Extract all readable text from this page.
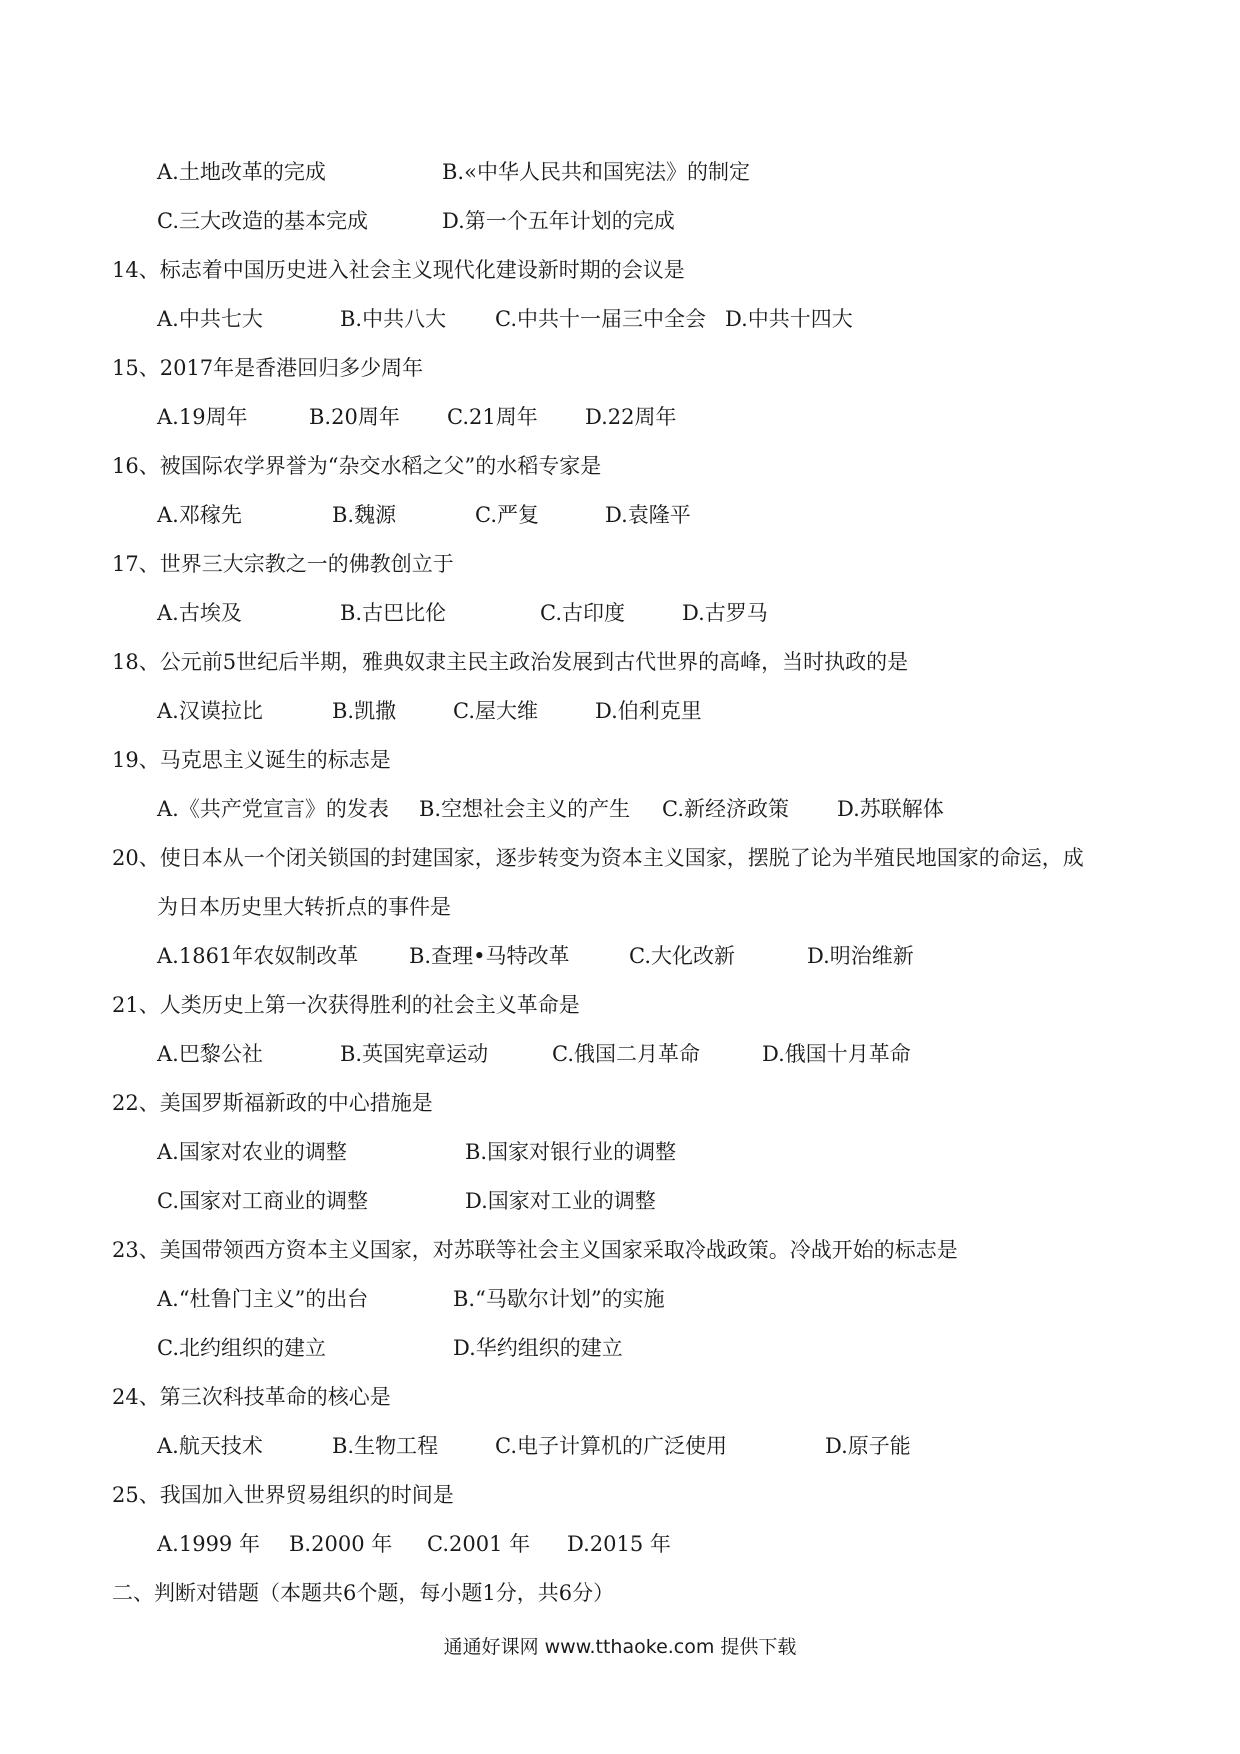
A.土地改革的完成	B.«中华人民共和国宪法》的制定
C.三大改造的基本完成	D.第一个五年计划的完成
14、标志着中国历史进入社会主义现代化建设新时期的会议是
A.中共七大	B.中共八大 C.中共十一届三中全会 D.中共十四大
15、2017年是香港回归多少周年
A.19周年	B.20周年 C.21周年 D.22周年
16、被国际农学界誉为“杂交水稻之父”的水稻专家是
A.邓稼先	B.魏源	C.严复	D.袁隆平
17、世界三大宗教之一的佛教创立于
A.古埃及	B.古巴比伦	C.古印度	D.古罗马
18、公元前5世纪后半期，雅典奴隶主民主政治发展到古代世界的高峰，当时执政的是
A.汉谟拉比	B.凯撒	C.屋大维	D.伯利克里
19、马克思主义诞生的标志是
A.《共产党宣言》的发表 B.空想社会主义的产生 C.新经济政策 D.苏联解体
20、使日本从一个闭关锁国的封建国家，逐步转变为资本主义国家，摆脱了论为半殖民地国家的命运，成
为日本历史里大转折点的事件是
A.1861年农奴制改革 B.查理•马特改革	C.大化改新	D.明治维新
21、人类历史上第一次获得胜利的社会主义革命是
A.巴黎公社	B.英国宪章运动	C.俄国二月革命	D.俄国十月革命
22、美国罗斯福新政的中心措施是
A.国家对农业的调整	B.国家对银行业的调整
C.国家对工商业的调整	D.国家对工业的调整
23、美国带领西方资本主义国家，对苏联等社会主义国家采取冷战政策。冷战开始的标志是
A.“杜鲁门主义”的出台	B.“马歇尔计划”的实施
C.北约组织的建立	D.华约组织的建立
24、第三次科技革命的核心是
A.航天技术	B.生物工程	C.电子计算机的广泛使用	D.原子能
25、我国加入世界贸易组织的时间是
A.1999 年 B.2000 年 C.2001 年 D.2015 年
二、判断对错题（本题共6个题，每小题1分，共6分）
通通好课网 www.tthaoke.com 提供下载
